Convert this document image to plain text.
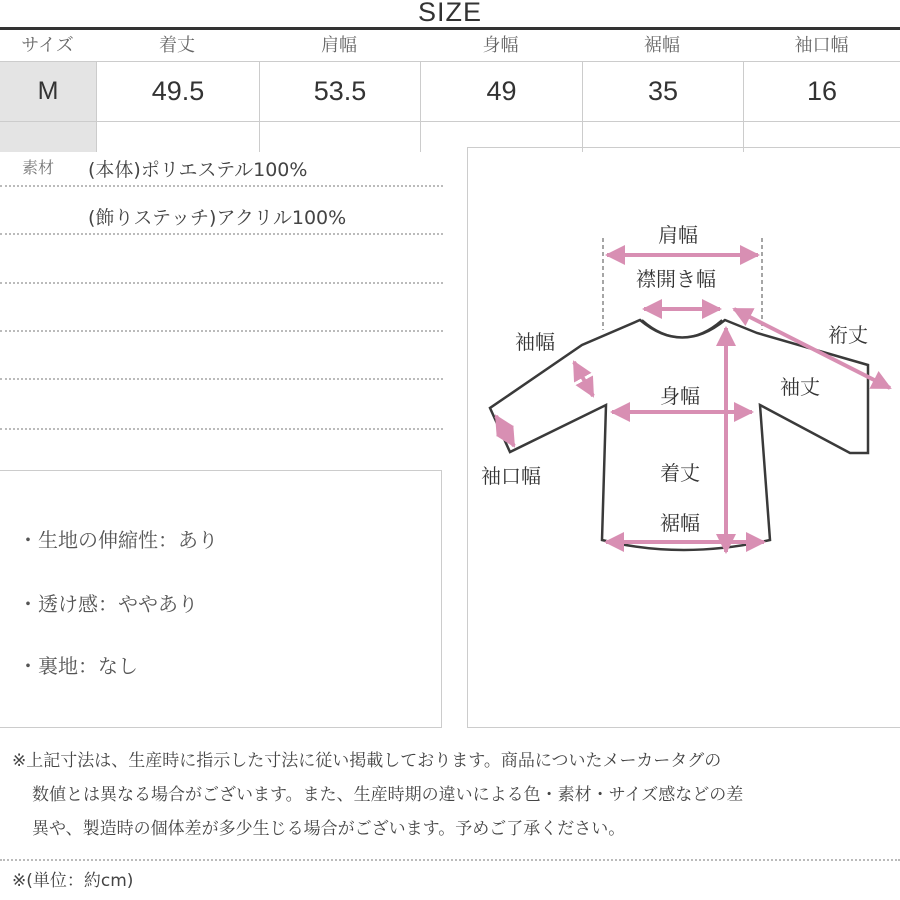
SIZE
サイズ	着丈	肩幅	身幅	裾幅	袖口幅
M	49.5	53.5	49	35	16
素材 (本体)ポリエステル100%
(飾りステッチ)アクリル100%
・生地の伸縮性：あり
・透け感：ややあり
・裏地：なし
肩幅
襟開き幅
袖幅	裄丈
袖丈
身幅
袖口幅	着丈
裾幅
※上記寸法は、生産時に指示した寸法に従い掲載しております。商品についたメーカータグの
数値とは異なる場合がございます。また、生産時期の違いによる色・素材・サイズ感などの差
異や、製造時の個体差が多少生じる場合がございます。予めご了承ください。
※(単位：約cm)
